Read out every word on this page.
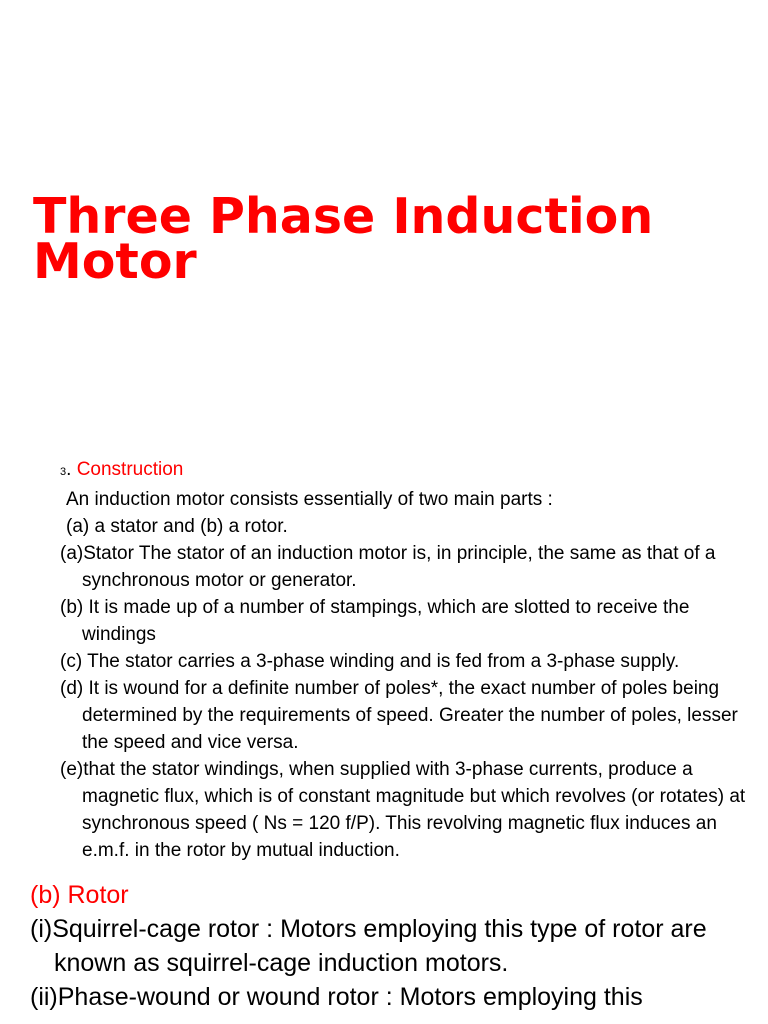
Three Phase Induction Motor
3. Construction

An induction motor consists essentially of two main parts :

(a) a stator and (b) a rotor.

(a)Stator The stator of an induction motor is, in principle, the same as that of a synchronous motor or generator.

(b) It is made up of a number of stampings, which are slotted to receive the windings

(c) The stator carries a 3-phase winding and is fed from a 3-phase supply.

(d) It is wound for a definite number of poles*, the exact number of poles being determined by the requirements of speed. Greater the number of poles, lesser the speed and vice versa.

(e)that the stator windings, when supplied with 3-phase currents, produce a magnetic flux, which is of constant magnitude but which revolves (or rotates) at synchronous speed ( Ns = 120 f/P). This revolving magnetic flux induces an e.m.f. in the rotor by mutual induction.

(b) Rotor

(i)Squirrel-cage rotor : Motors employing this type of rotor are known as squirrel-cage induction motors.

(ii)Phase-wound or wound rotor : Motors employing this
